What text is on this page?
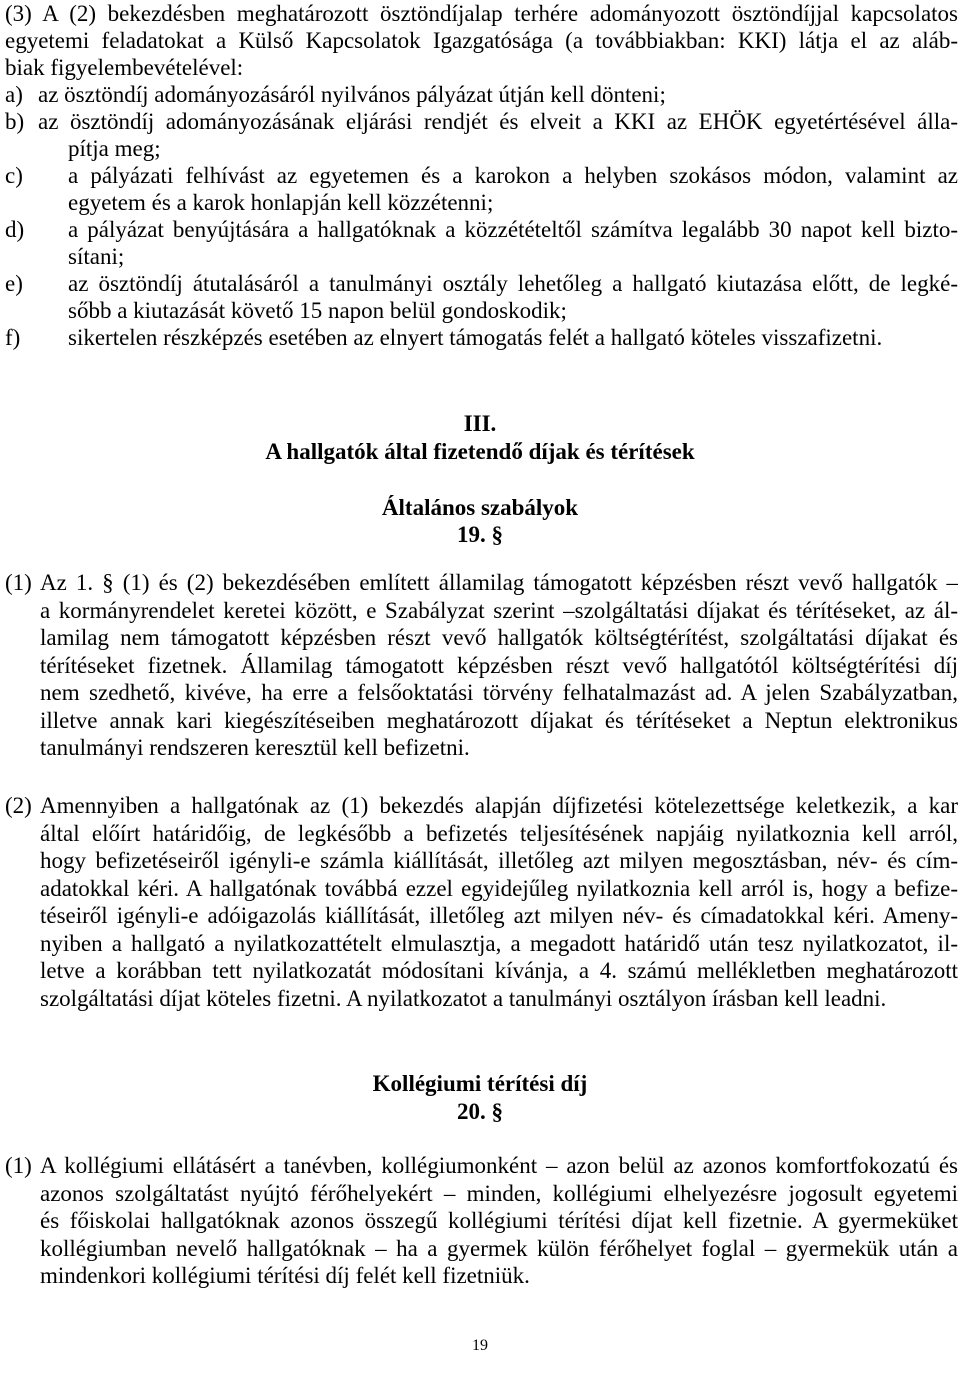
(3) A (2) bekezdésben meghatározott ösztöndíjalap terhére adományozott ösztöndíjjal kapcsolatos
egyetemi feladatokat a Külső Kapcsolatok Igazgatósága (a továbbiakban: KKI) látja el az aláb-
biak figyelembevételével:
a) az ösztöndíj adományozásáról nyilvános pályázat útján kell dönteni;
b) az ösztöndíj adományozásának eljárási rendjét és elveit a KKI az EHÖK egyetértésével álla-
pítja meg;
c) a pályázati felhívást az egyetemen és a karokon a helyben szokásos módon, valamint az
egyetem és a karok honlapján kell közzétenni;
d) a pályázat benyújtására a hallgatóknak a közzétételtől számítva legalább 30 napot kell bizto-
sítani;
e) az ösztöndíj átutalásáról a tanulmányi osztály lehetőleg a hallgató kiutazása előtt, de legké-
sőbb a kiutazását követő 15 napon belül gondoskodik;
f) sikertelen részképzés esetében az elnyert támogatás felét a hallgató köteles visszafizetni.
III.
A hallgatók által fizetendő díjak és térítések
Általános szabályok
19. §
(1) Az 1. § (1) és (2) bekezdésében említett államilag támogatott képzésben részt vevő hallgatók –
a kormányrendelet keretei között, e Szabályzat szerint –szolgáltatási díjakat és térítéseket, az ál-
lamilag nem támogatott képzésben részt vevő hallgatók költségtérítést, szolgáltatási díjakat és
térítéseket fizetnek. Államilag támogatott képzésben részt vevő hallgatótól költségtérítési díj
nem szedhető, kivéve, ha erre a felsőoktatási törvény felhatalmazást ad. A jelen Szabályzatban,
illetve annak kari kiegészítéseiben meghatározott díjakat és térítéseket a Neptun elektronikus
tanulmányi rendszeren keresztül kell befizetni.
(2) Amennyiben a hallgatónak az (1) bekezdés alapján díjfizetési kötelezettsége keletkezik, a kar
által előírt határidőig, de legkésőbb a befizetés teljesítésének napjáig nyilatkoznia kell arról,
hogy befizetéseiről igényli-e számla kiállítását, illetőleg azt milyen megosztásban, név- és cím-
adatokkal kéri. A hallgatónak továbbá ezzel egyidejűleg nyilatkoznia kell arról is, hogy a befize-
téseiről igényli-e adóigazolás kiállítását, illetőleg azt milyen név- és címadatokkal kéri. Ameny-
nyiben a hallgató a nyilatkozattételt elmulasztja, a megadott határidő után tesz nyilatkozatot, il-
letve a korábban tett nyilatkozatát módosítani kívánja, a 4. számú mellékletben meghatározott
szolgáltatási díjat köteles fizetni. A nyilatkozatot a tanulmányi osztályon írásban kell leadni.
Kollégiumi térítési díj
20. §
(1) A kollégiumi ellátásért a tanévben, kollégiumonként – azon belül az azonos komfortfokozatú és
azonos szolgáltatást nyújtó férőhelyekért – minden, kollégiumi elhelyezésre jogosult egyetemi
és főiskolai hallgatóknak azonos összegű kollégiumi térítési díjat kell fizetnie. A gyermeküket
kollégiumban nevelő hallgatóknak – ha a gyermek külön férőhelyet foglal – gyermekük után a
mindenkori kollégiumi térítési díj felét kell fizetniük.
19
